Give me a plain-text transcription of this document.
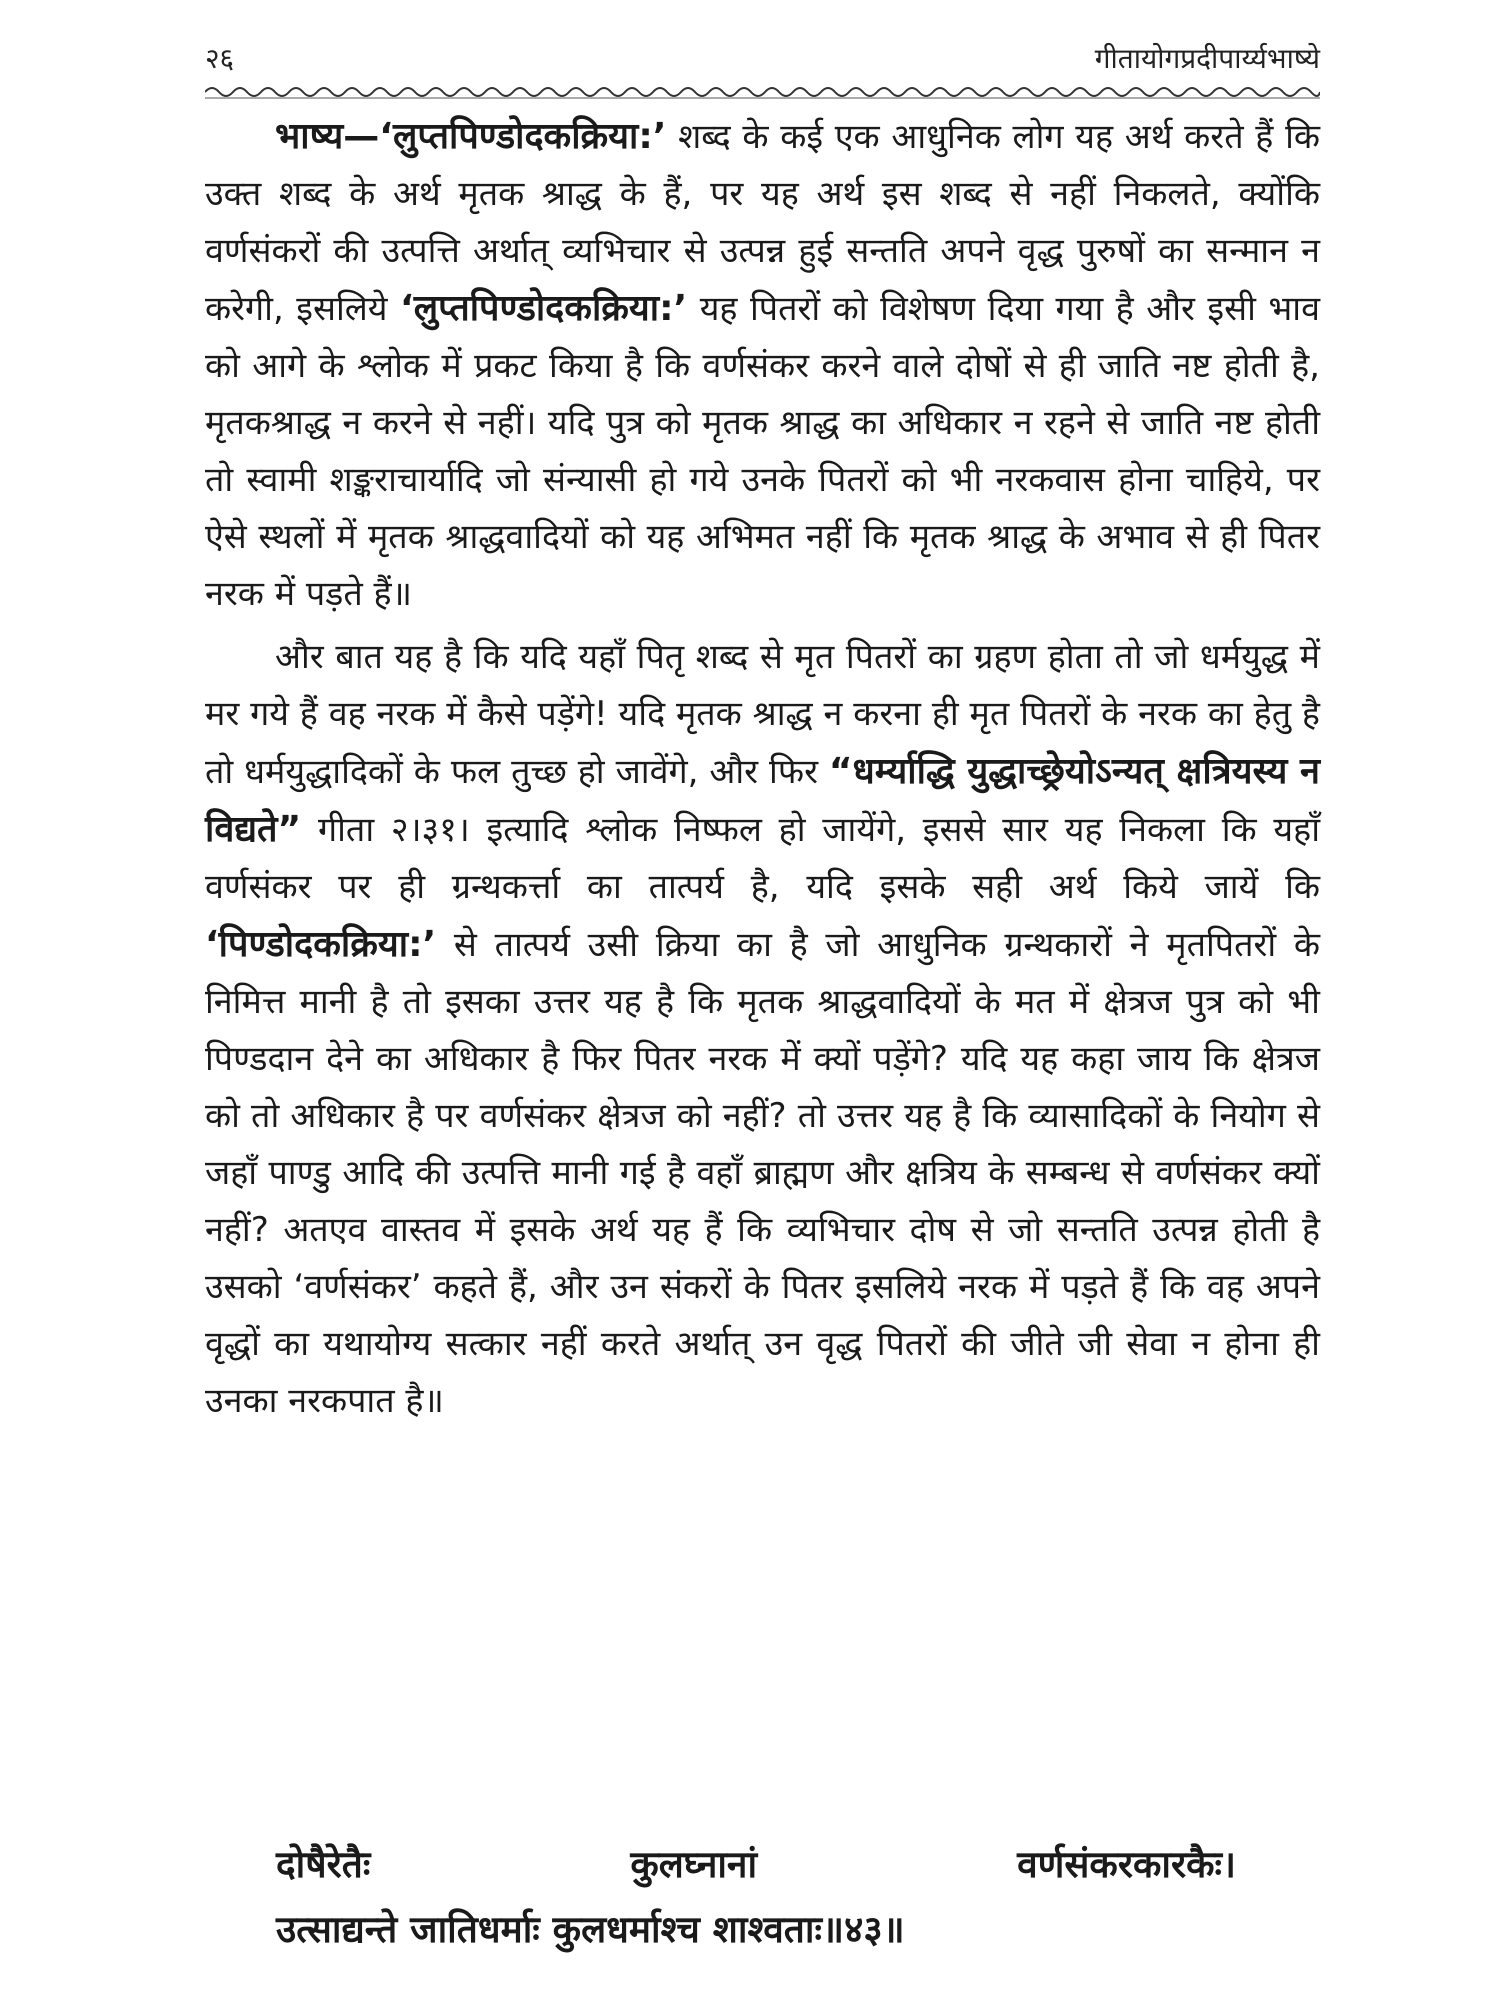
२६	गीतायोगप्रदीपार्य्यभाष्ये

भाष्य—‘लुप्तपिण्डोदकक्रिया:’ शब्द के कई एक आधुनिक लोग यह अर्थ करते हैं कि उक्त शब्द के अर्थ मृतक श्राद्ध के हैं, पर यह अर्थ इस शब्द से नहीं निकलते, क्योंकि वर्णसंकरों की उत्पत्ति अर्थात् व्यभिचार से उत्पन्न हुई सन्तति अपने वृद्ध पुरुषों का सन्मान न करेगी, इसलिये ‘लुप्तपिण्डोदकक्रिया:’ यह पितरों को विशेषण दिया गया है और इसी भाव को आगे के श्लोक में प्रकट किया है कि वर्णसंकर करने वाले दोषों से ही जाति नष्ट होती है, मृतकश्राद्ध न करने से नहीं। यदि पुत्र को मृतक श्राद्ध का अधिकार न रहने से जाति नष्ट होती तो स्वामी शङ्कराचार्यादि जो संन्यासी हो गये उनके पितरों को भी नरकवास होना चाहिये, पर ऐसे स्थलों में मृतक श्राद्धवादियों को यह अभिमत नहीं कि मृतक श्राद्ध के अभाव से ही पितर नरक में पड़ते हैं॥

और बात यह है कि यदि यहाँ पितृ शब्द से मृत पितरों का ग्रहण होता तो जो धर्मयुद्ध में मर गये हैं वह नरक में कैसे पड़ेंगे! यदि मृतक श्राद्ध न करना ही मृत पितरों के नरक का हेतु है तो धर्मयुद्धादिकों के फल तुच्छ हो जावेंगे, और फिर “धर्म्याद्धि युद्धाच्छ्रेयोऽन्यत् क्षत्रियस्य न विद्यते” गीता २।३१। इत्यादि श्लोक निष्फल हो जायेंगे, इससे सार यह निकला कि यहाँ वर्णसंकर पर ही ग्रन्थकर्त्ता का तात्पर्य है, यदि इसके सही अर्थ किये जायें कि ‘पिण्डोदकक्रिया:’ से तात्पर्य उसी क्रिया का है जो आधुनिक ग्रन्थकारों ने मृतपितरों के निमित्त मानी है तो इसका उत्तर यह है कि मृतक श्राद्धवादियों के मत में क्षेत्रज पुत्र को भी पिण्डदान देने का अधिकार है फिर पितर नरक में क्यों पड़ेंगे? यदि यह कहा जाय कि क्षेत्रज को तो अधिकार है पर वर्णसंकर क्षेत्रज को नहीं? तो उत्तर यह है कि व्यासादिकों के नियोग से जहाँ पाण्डु आदि की उत्पत्ति मानी गई है वहाँ ब्राह्मण और क्षत्रिय के सम्बन्ध से वर्णसंकर क्यों नहीं? अतएव वास्तव में इसके अर्थ यह हैं कि व्यभिचार दोष से जो सन्तति उत्पन्न होती है उसको ‘वर्णसंकर’ कहते हैं, और उन संकरों के पितर इसलिये नरक में पड़ते हैं कि वह अपने वृद्धों का यथायोग्य सत्कार नहीं करते अर्थात् उन वृद्ध पितरों की जीते जी सेवा न होना ही उनका नरकपात है॥

दोषैरेतैः	कुलघ्नानां	वर्णसंकरकारकैः।
उत्साद्यन्ते जातिधर्माः कुलधर्माश्च शाश्वताः॥४३॥
